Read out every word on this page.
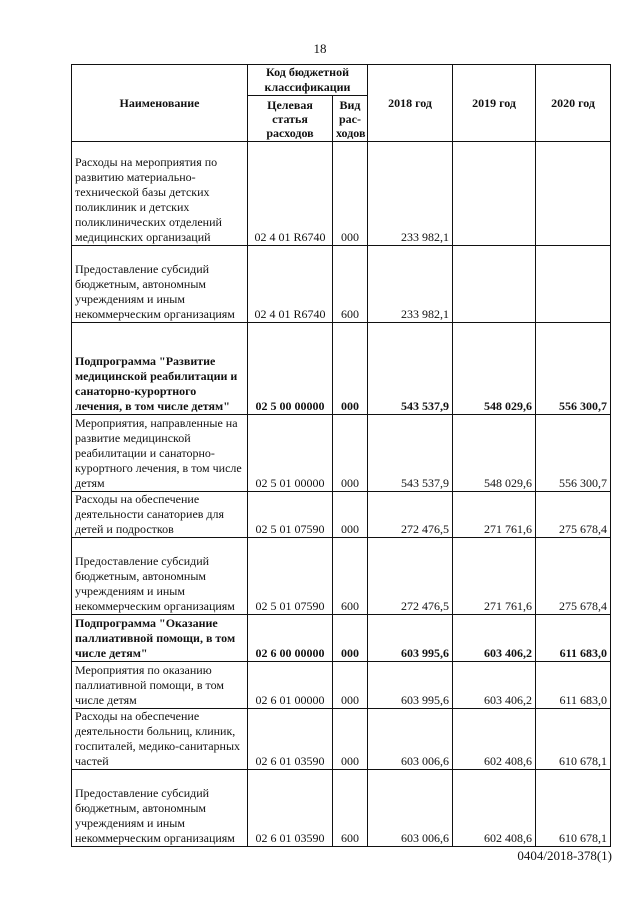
18
Наименование	Код бюджетной классификации		2018 год	2019 год	2020 год
	Целевая статья расходов	Вид рас-ходов			
Расходы на мероприятия по развитию материально-технической базы детских поликлиник и детских поликлинических отделений медицинских организаций	02 4 01 R6740	000	233 982,1		
Предоставление субсидий бюджетным, автономным учреждениям и иным некоммерческим организациям	02 4 01 R6740	600	233 982,1		
Подпрограмма "Развитие медицинской реабилитации и санаторно-курортного лечения, в том числе детям"	02 5 00 00000	000	543 537,9	548 029,6	556 300,7
Мероприятия, направленные на развитие медицинской реабилитации и санаторно-курортного лечения, в том числе детям	02 5 01 00000	000	543 537,9	548 029,6	556 300,7
Расходы на обеспечение деятельности санаториев для детей и подростков	02 5 01 07590	000	272 476,5	271 761,6	275 678,4
Предоставление субсидий бюджетным, автономным учреждениям и иным некоммерческим организациям	02 5 01 07590	600	272 476,5	271 761,6	275 678,4
Подпрограмма "Оказание паллиативной помощи, в том числе детям"	02 6 00 00000	000	603 995,6	603 406,2	611 683,0
Мероприятия по оказанию паллиативной помощи, в том числе детям	02 6 01 00000	000	603 995,6	603 406,2	611 683,0
Расходы на обеспечение деятельности больниц, клиник, госпиталей, медико-санитарных частей	02 6 01 03590	000	603 006,6	602 408,6	610 678,1
Предоставление субсидий бюджетным, автономным учреждениям и иным некоммерческим организациям	02 6 01 03590	600	603 006,6	602 408,6	610 678,1
0404/2018-378(1)
